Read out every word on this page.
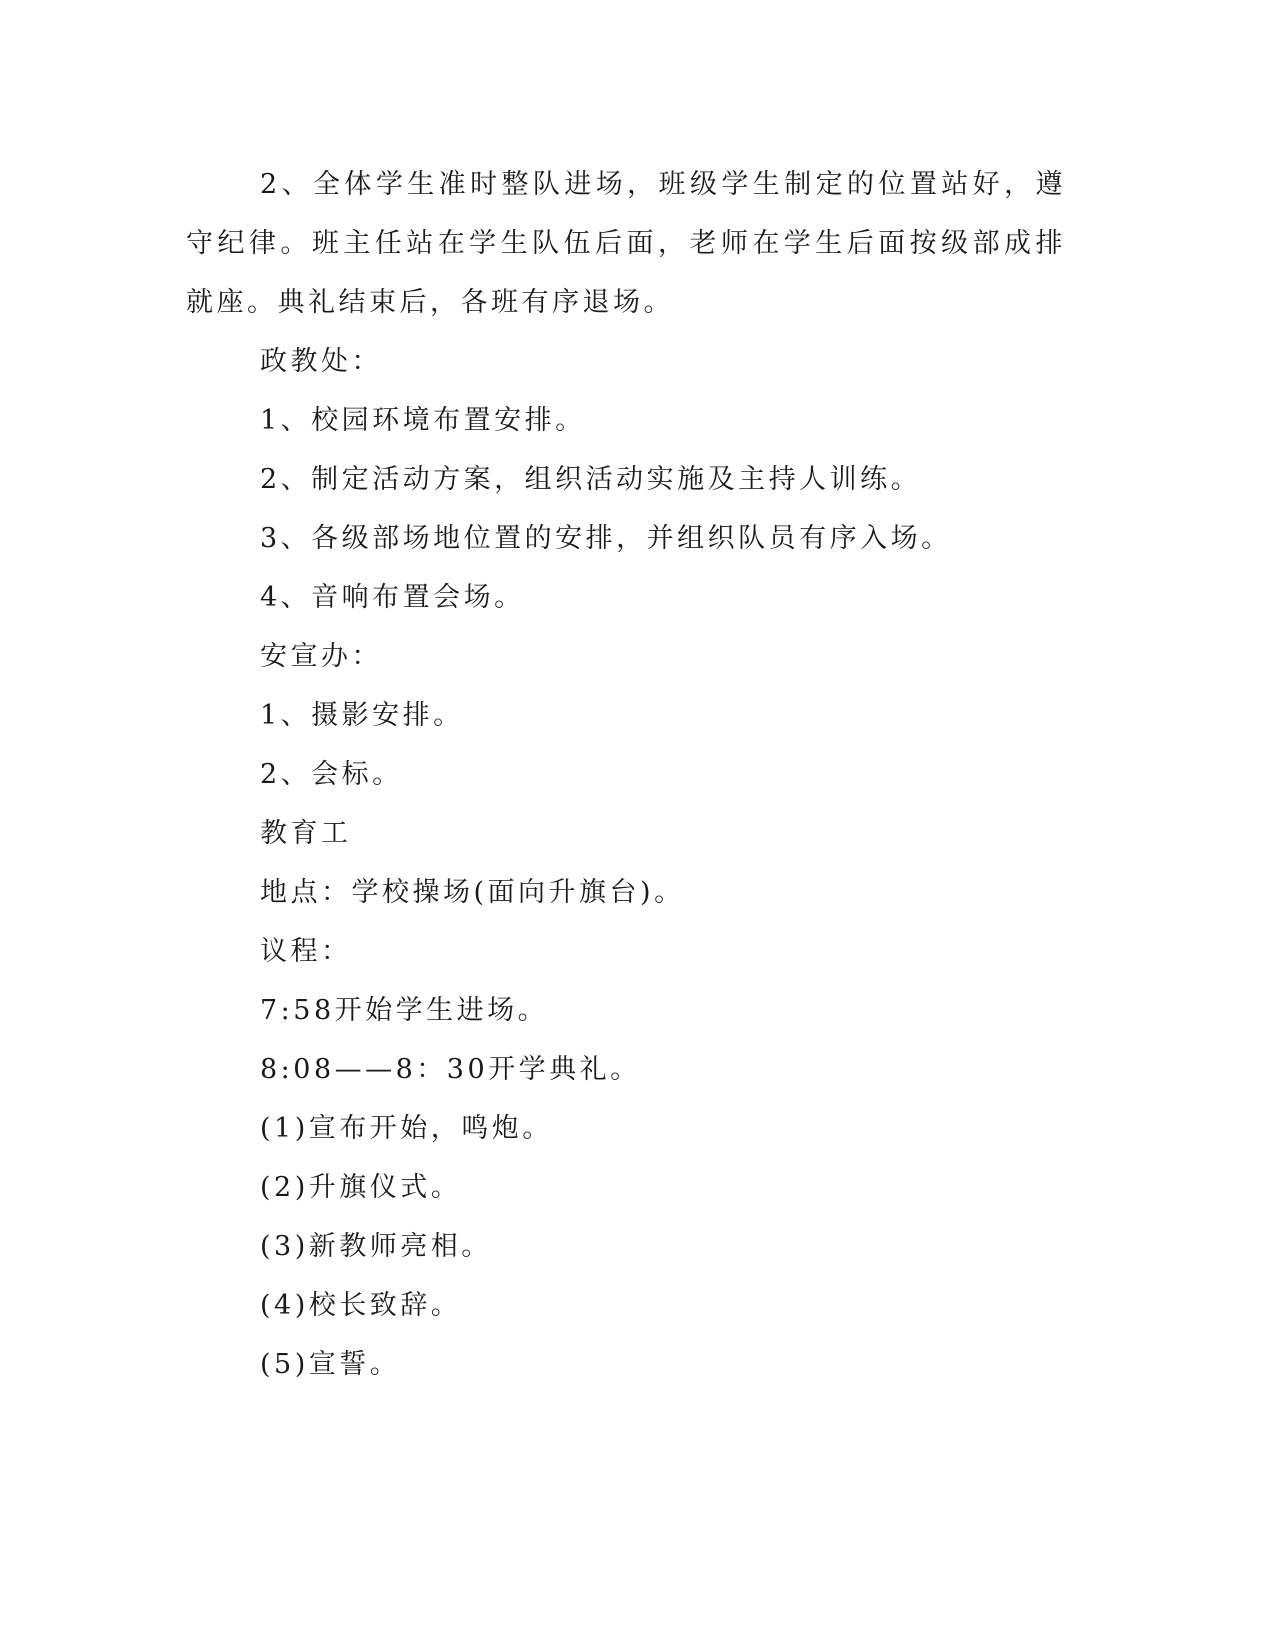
2、全体学生准时整队进场，班级学生制定的位置站好，遵守纪律。班主任站在学生队伍后面，老师在学生后面按级部成排就座。典礼结束后，各班有序退场。

政教处：

1、校园环境布置安排。

2、制定活动方案，组织活动实施及主持人训练。

3、各级部场地位置的安排，并组织队员有序入场。

4、音响布置会场。

安宣办：

1、摄影安排。

2、会标。

教育工

地点：学校操场(面向升旗台)。

议程：

7:58开始学生进场。

8:08——8：30开学典礼。

(1)宣布开始，鸣炮。

(2)升旗仪式。

(3)新教师亮相。

(4)校长致辞。

(5)宣誓。
